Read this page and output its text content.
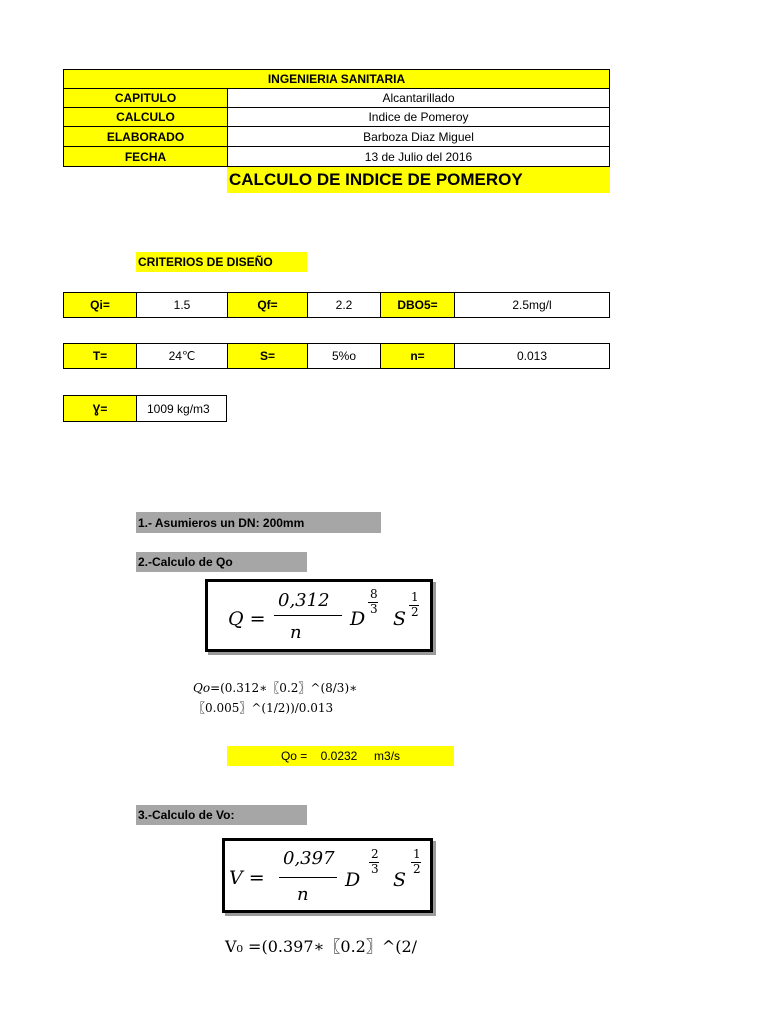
INGENIERIA SANITARIA
CAPITULO	Alcantarillado
CALCULO	Indice de Pomeroy
ELABORADO	Barboza Diaz Miguel
FECHA	13 de Julio del 2016
CALCULO DE INDICE DE POMEROY
CRITERIOS DE DISEÑO
Qi=	1.5	Qf=	2.2	DBO5=	2.5mg/l
T=	24℃	S=	5%o	n=	0.013
Ɣ=	1009 kg/m3
1.- Asumieros un DN: 200mm
2.-Calculo de Qo
Q =
0,312
n
D
8
3 S
1
2
𝑄𝑜=(0.312∗〖0.2〗^(8/3)∗
〖0.005〗^(1/2))/0.013
Qo =    0.0232     m3/s
3.-Calculo de Vo:
V =
0,397
n
D
2
3 S
1
2
V₀ =(0.397∗〖0.2〗^(2/
